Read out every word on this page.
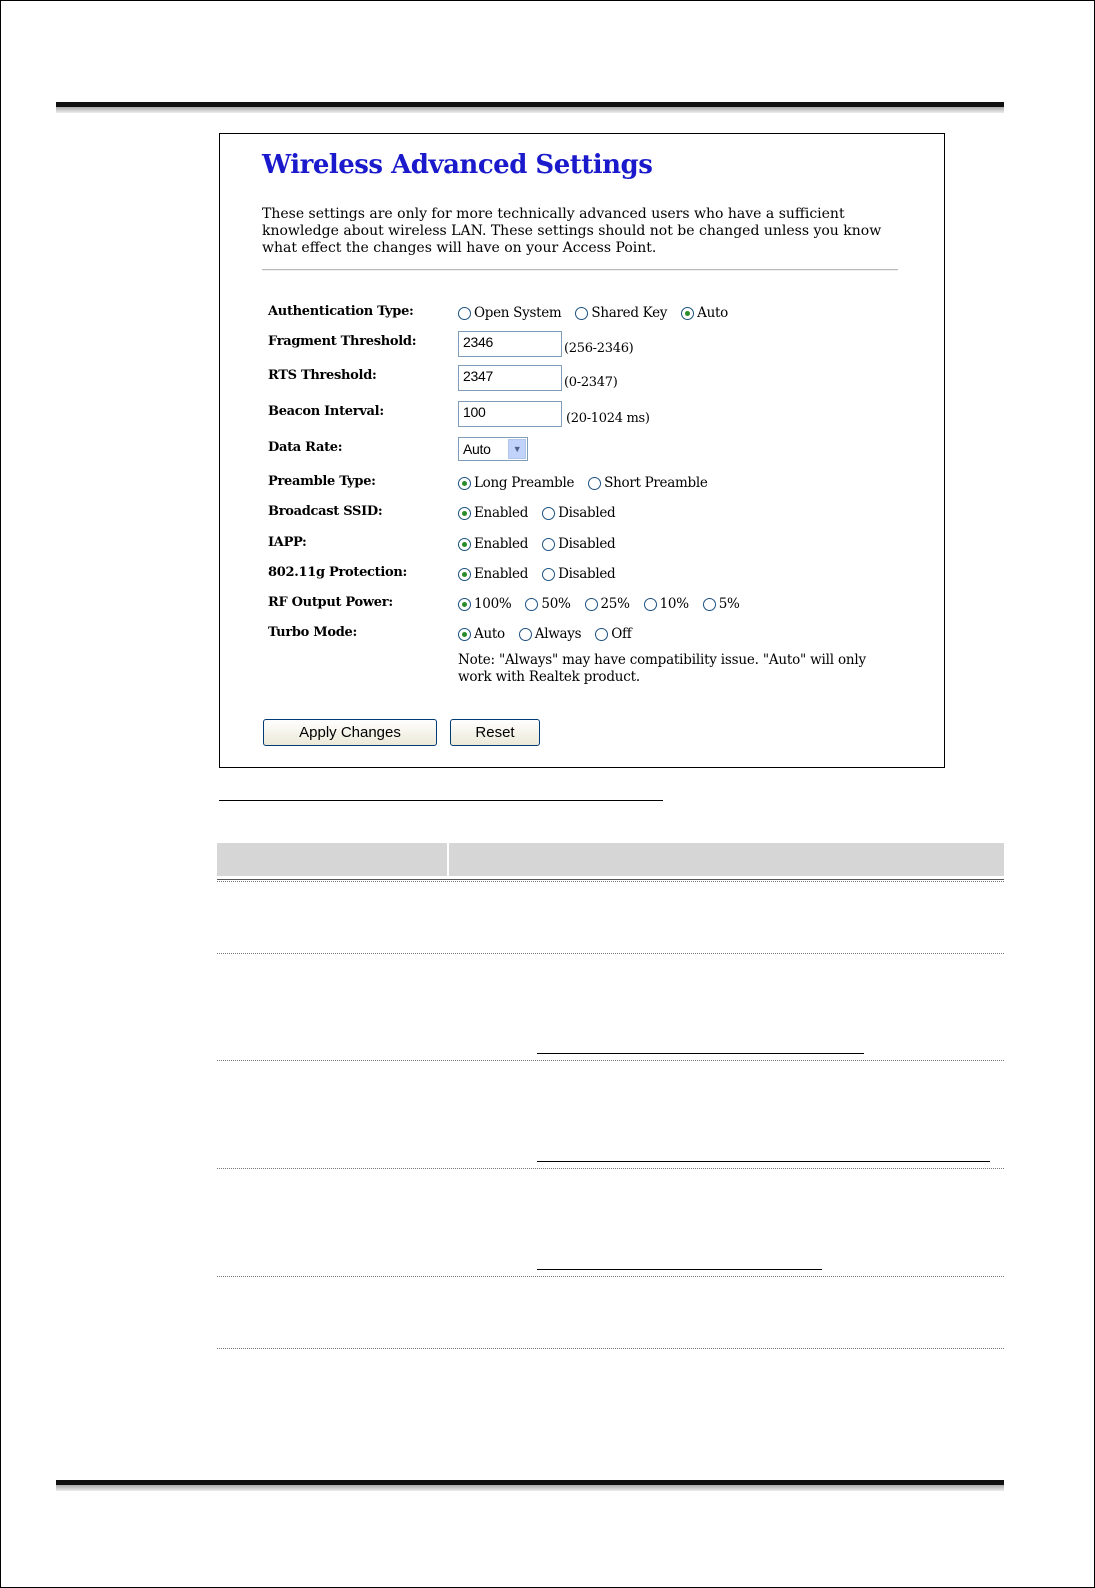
Wireless Advanced Settings
These settings are only for more technically advanced users who have a sufficient knowledge about wireless LAN. These settings should not be changed unless you know what effect the changes will have on your Access Point.
Authentication Type:	Open System Shared Key Auto
Fragment Threshold:	2346	(256-2346)
RTS Threshold:	2347	(0-2347)
Beacon Interval:	100	(20-1024 ms)
Data Rate:	Auto	▼
Preamble Type:	Long Preamble Short Preamble
Broadcast SSID:	Enabled Disabled
IAPP:	Enabled Disabled
802.11g Protection:	Enabled Disabled
RF Output Power:	100% 50% 25% 10% 5%
Turbo Mode:	Auto Always Off
Note: "Always" may have compatibility issue. "Auto" will only work with Realtek product.
Apply Changes	Reset
